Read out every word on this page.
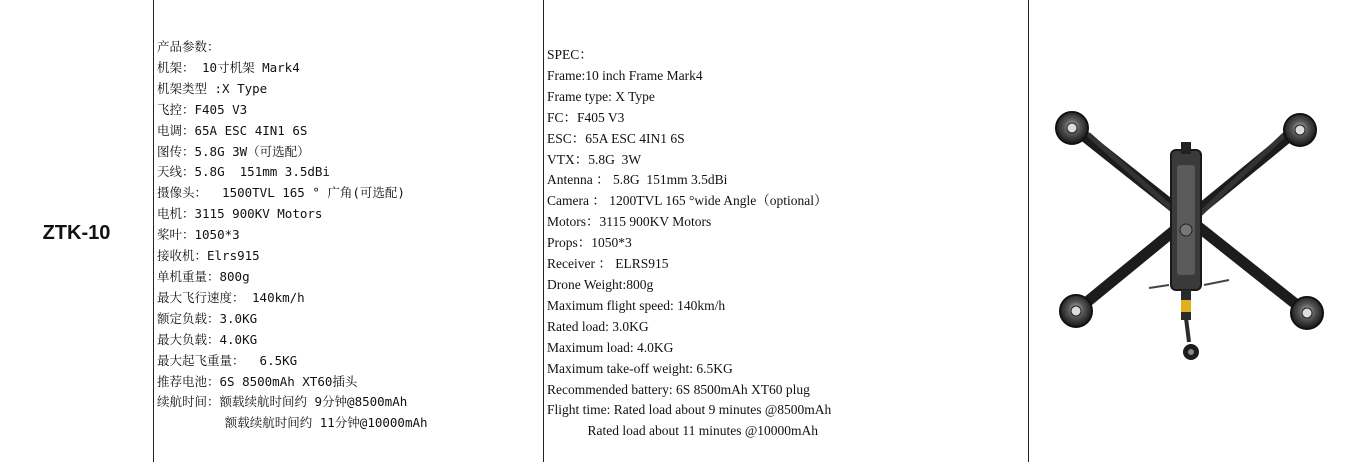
ZTK-10
产品参数：
机架： 10寸机架 Mark4
机架类型 :X Type
飞控：F405 V3
电调：65A ESC 4IN1 6S
图传：5.8G 3W（可选配）
天线：5.8G  151mm 3.5dBi
摄像头：  1500TVL 165 ° 广角(可选配)
电机：3115 900KV Motors
桨叶：1050*3
接收机：Elrs915
单机重量：800g
最大飞行速度： 140km/h
额定负载：3.0KG
最大负载：4.0KG
最大起飞重量：  6.5KG
推荐电池：6S 8500mAh XT60插头
续航时间：额载续航时间约 9分钟@8500mAh
额载续航时间约 11分钟@10000mAh
SPEC：
Frame:10 inch Frame Mark4
Frame type: X Type
FC：F405 V3
ESC：65A ESC 4IN1 6S
VTX：5.8G  3W
Antenna ： 5.8G  151mm 3.5dBi
Camera ： 1200TVL 165 °wide Angle（optional）
Motors：3115 900KV Motors
Props：1050*3
Receiver ： ELRS915
Drone Weight:800g
Maximum flight speed: 140km/h
Rated load: 3.0KG
Maximum load: 4.0KG
Maximum take-off weight: 6.5KG
Recommended battery: 6S 8500mAh XT60 plug
Flight time: Rated load about 9 minutes @8500mAh
Rated load about 11 minutes @10000mAh
